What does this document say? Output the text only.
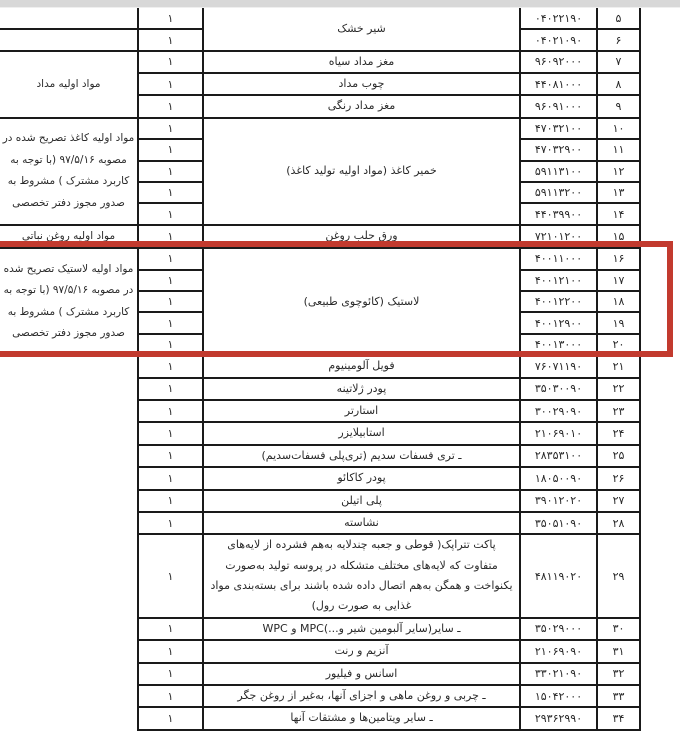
۵	۰۴۰۲۲۱۹۰	شیر خشک	۱	
۶	۰۴۰۲۱۰۹۰		۱	
۷	۹۶۰۹۲۰۰۰	مغز مداد سیاه	۱	مواد اولیه مداد
۸	۴۴۰۸۱۰۰۰	چوب مداد	۱	
۹	۹۶۰۹۱۰۰۰	مغز مداد رنگی	۱	
۱۰	۴۷۰۳۲۱۰۰	خمیر کاغذ (مواد اولیه تولید کاغذ)	۱	مواد اولیه کاغذ تصریح شده در مصوبه ۹۷/۵/۱۶ (با توجه به کاربرد مشترک ) مشروط به صدور مجوز دفتر تخصصی
۱۱	۴۷۰۳۲۹۰۰		۱	
۱۲	۵۹۱۱۳۱۰۰		۱	
۱۳	۵۹۱۱۳۲۰۰		۱	
۱۴	۴۴۰۳۹۹۰۰		۱	
۱۵	۷۲۱۰۱۲۰۰	ورق حلب روغن	۱	مواد اولیه روغن نباتی
۱۶	۴۰۰۱۱۰۰۰	لاستیک (کائوچوی طبیعی)	۱	مواد اولیه لاستیک تصریح شده در مصوبه ۹۷/۵/۱۶ (با توجه به کاربرد مشترک ) مشروط به صدور مجوز دفتر تخصصی
۱۷	۴۰۰۱۲۱۰۰		۱	
۱۸	۴۰۰۱۲۲۰۰		۱	
۱۹	۴۰۰۱۲۹۰۰		۱	
۲۰	۴۰۰۱۳۰۰۰		۱	
۲۱	۷۶۰۷۱۱۹۰	فویل آلومینیوم	۱	
۲۲	۳۵۰۳۰۰۹۰	پودر ژلاتینه	۱	
۲۳	۳۰۰۲۹۰۹۰	استارتر	۱	
۲۴	۲۱۰۶۹۰۱۰	استابیلایزر	۱	
۲۵	۲۸۳۵۳۱۰۰	ـ تری فسفات سدیم (تری‌پلی فسفات‌سدیم)	۱	
۲۶	۱۸۰۵۰۰۹۰	پودر کاکائو	۱	
۲۷	۳۹۰۱۲۰۲۰	پلی اتیلن	۱	
۲۸	۳۵۰۵۱۰۹۰	نشاسته	۱	
۲۹	۴۸۱۱۹۰۲۰	پاکت تتراپک( قوطی و جعبه چندلایه به‌هم فشرده از لایه‌های متفاوت که لایه‌های مختلف متشکله در پروسه تولید به‌صورت یکنواخت و همگن به‌هم اتصال داده شده باشند برای بسته‌بندی مواد غذایی به صورت رول)	۱	
۳۰	۳۵۰۲۹۰۰۰	ـ سایر(سایر آلبومین شیر و...)MPC و WPC	۱	
۳۱	۲۱۰۶۹۰۹۰	آنزیم و رنت	۱	
۳۲	۳۳۰۲۱۰۹۰	اسانس و فیلیور	۱	
۳۳	۱۵۰۴۲۰۰۰	ـ چربی و روغن ماهی و اجزای آنها، به‌غیر از روغن جگر	۱	
۳۴	۲۹۳۶۲۹۹۰	ـ سایر ویتامین‌ها و مشتقات آنها	۱	
